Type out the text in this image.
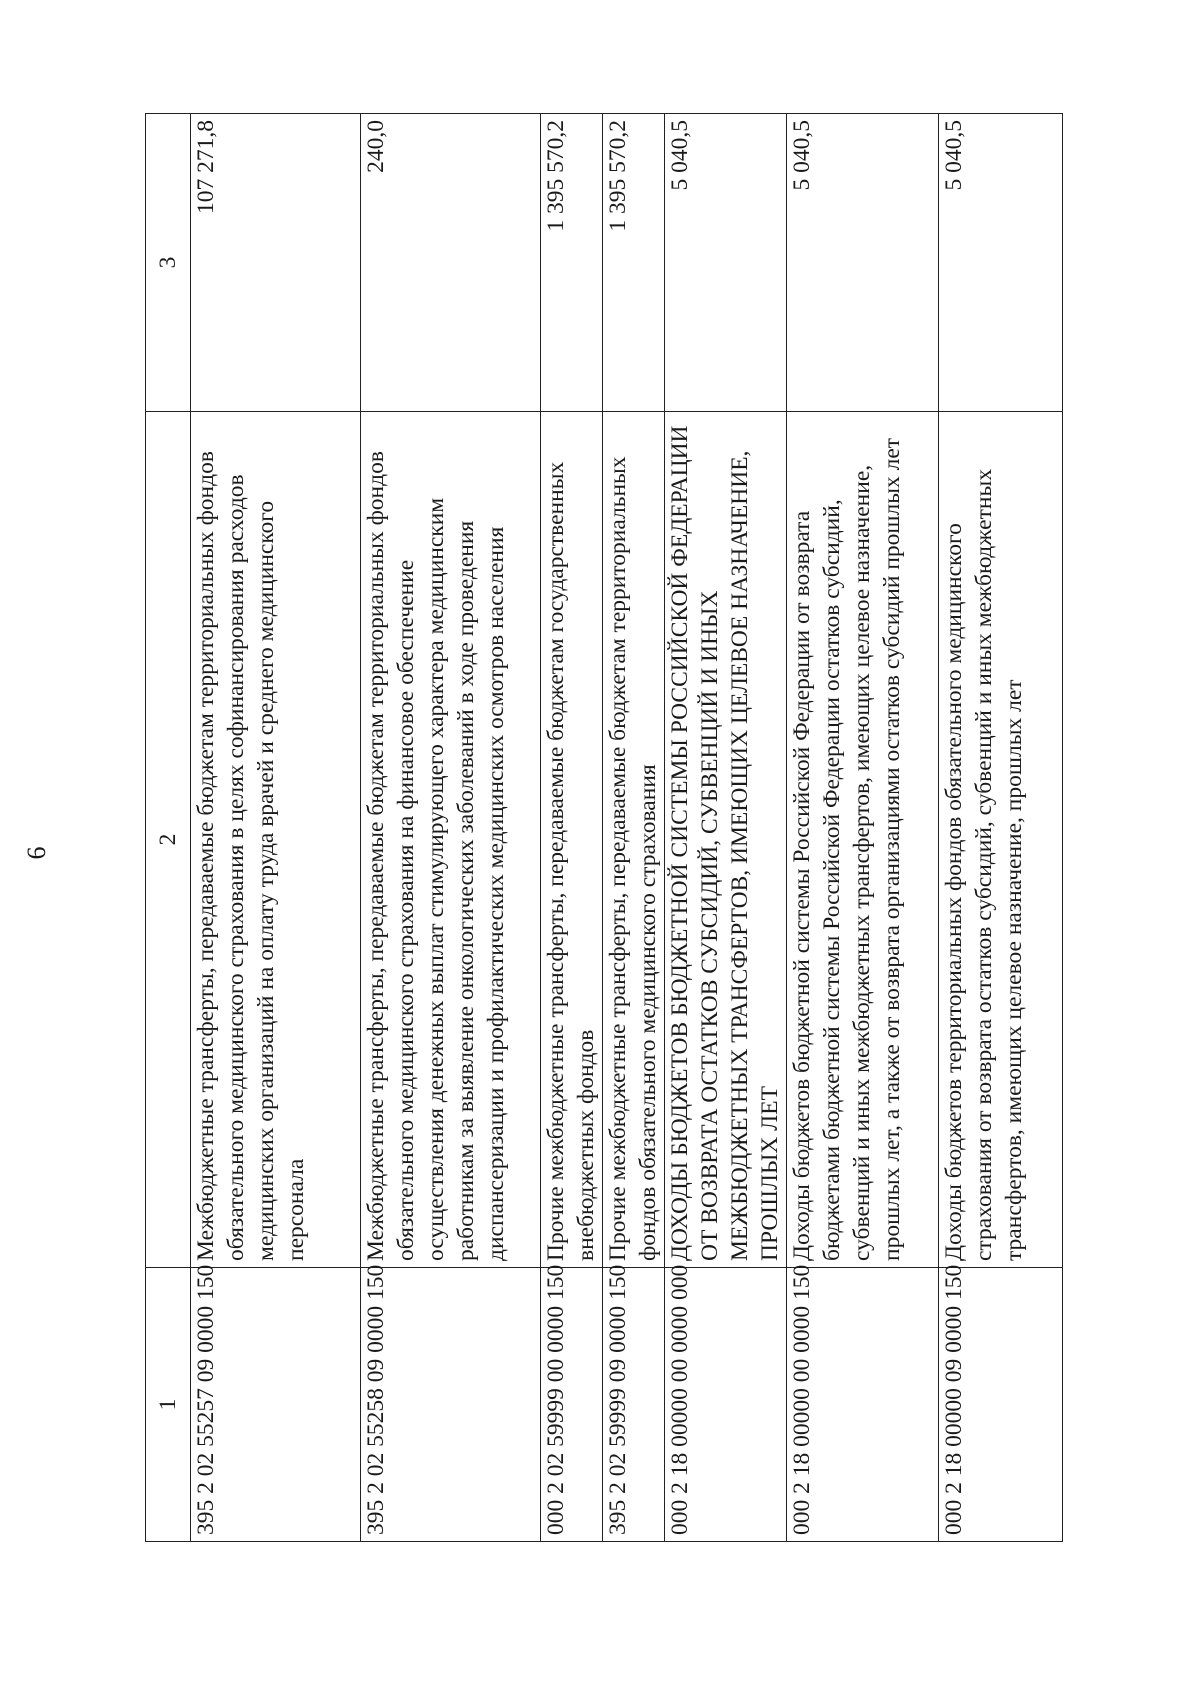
6
1	2	3
395 2 02 55257 09 0000 150	Межбюджетные трансферты, передаваемые бюджетам территориальных фондов обязательного медицинского страхования в целях софинансирования расходов медицинских организаций на оплату труда врачей и среднего медицинского персонала	107 271,8
395 2 02 55258 09 0000 150	Межбюджетные трансферты, передаваемые бюджетам территориальных фондов обязательного медицинского страхования на финансовое обеспечение осуществления денежных выплат стимулирующего характера медицинским работникам за выявление онкологических заболеваний в ходе проведения диспансеризации и профилактических медицинских осмотров населения	240,0
000 2 02 59999 00 0000 150	Прочие межбюджетные трансферты, передаваемые бюджетам государственных внебюджетных фондов	1 395 570,2
395 2 02 59999 09 0000 150	Прочие межбюджетные трансферты, передаваемые бюджетам территориальных фондов обязательного медицинского страхования	1 395 570,2
000 2 18 00000 00 0000 000	ДОХОДЫ БЮДЖЕТОВ БЮДЖЕТНОЙ СИСТЕМЫ РОССИЙСКОЙ ФЕДЕРАЦИИ ОТ ВОЗВРАТА ОСТАТКОВ СУБСИДИЙ, СУБВЕНЦИЙ И ИНЫХ МЕЖБЮДЖЕТНЫХ ТРАНСФЕРТОВ, ИМЕЮЩИХ ЦЕЛЕВОЕ НАЗНАЧЕНИЕ, ПРОШЛЫХ ЛЕТ	5 040,5
000 2 18 00000 00 0000 150	Доходы бюджетов бюджетной системы Российской Федерации от возврата бюджетами бюджетной системы Российской Федерации остатков субсидий, субвенций и иных межбюджетных трансфертов, имеющих целевое назначение, прошлых лет, а также от возврата организациями остатков субсидий прошлых лет	5 040,5
000 2 18 00000 09 0000 150	Доходы бюджетов территориальных фондов обязательного медицинского страхования от возврата остатков субсидий, субвенций и иных межбюджетных трансфертов, имеющих целевое назначение, прошлых лет	5 040,5
